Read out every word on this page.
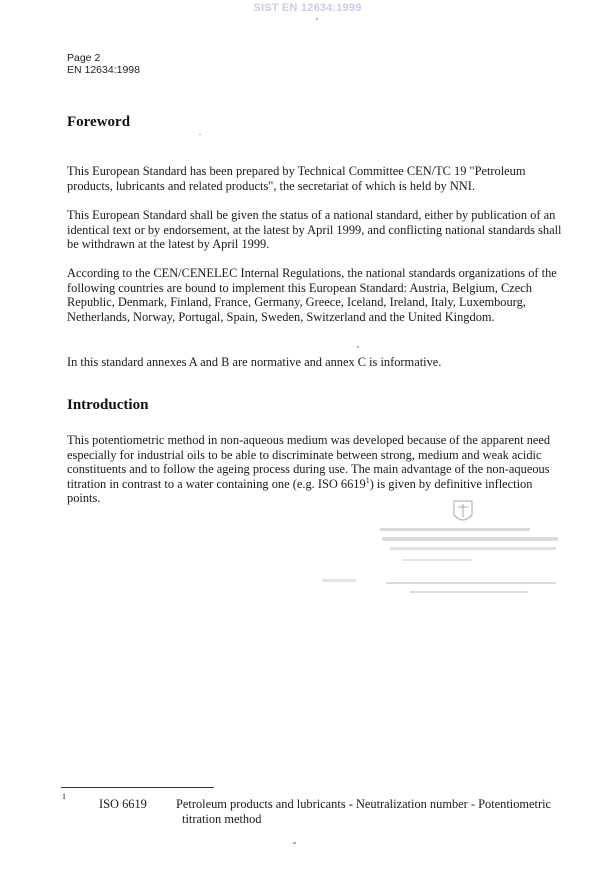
SIST EN 12634:1999
Page 2
EN 12634:1998
Foreword

This European Standard has been prepared by Technical Committee CEN/TC 19 "Petroleum products, lubricants and related products", the secretariat of which is held by NNI.

This European Standard shall be given the status of a national standard, either by publication of an identical text or by endorsement, at the latest by April 1999, and conflicting national standards shall be withdrawn at the latest by April 1999.

According to the CEN/CENELEC Internal Regulations, the national standards organizations of the following countries are bound to implement this European Standard: Austria, Belgium, Czech Republic, Denmark, Finland, France, Germany, Greece, Iceland, Ireland, Italy, Luxembourg, Netherlands, Norway, Portugal, Spain, Sweden, Switzerland and the United Kingdom.

In this standard annexes A and B are normative and annex C is informative.

Introduction

This potentiometric method in non-aqueous medium was developed because of the apparent need especially for industrial oils to be able to discriminate between strong, medium and weak acidic constituents and to follow the ageing process during use. The main advantage of the non-aqueous titration in contrast to a water containing one (e.g. ISO 6619$^1$) is given by definitive inflection points.

1
ISO 6619 Petroleum products and lubricants - Neutralization number - Potentiometric
titration method
